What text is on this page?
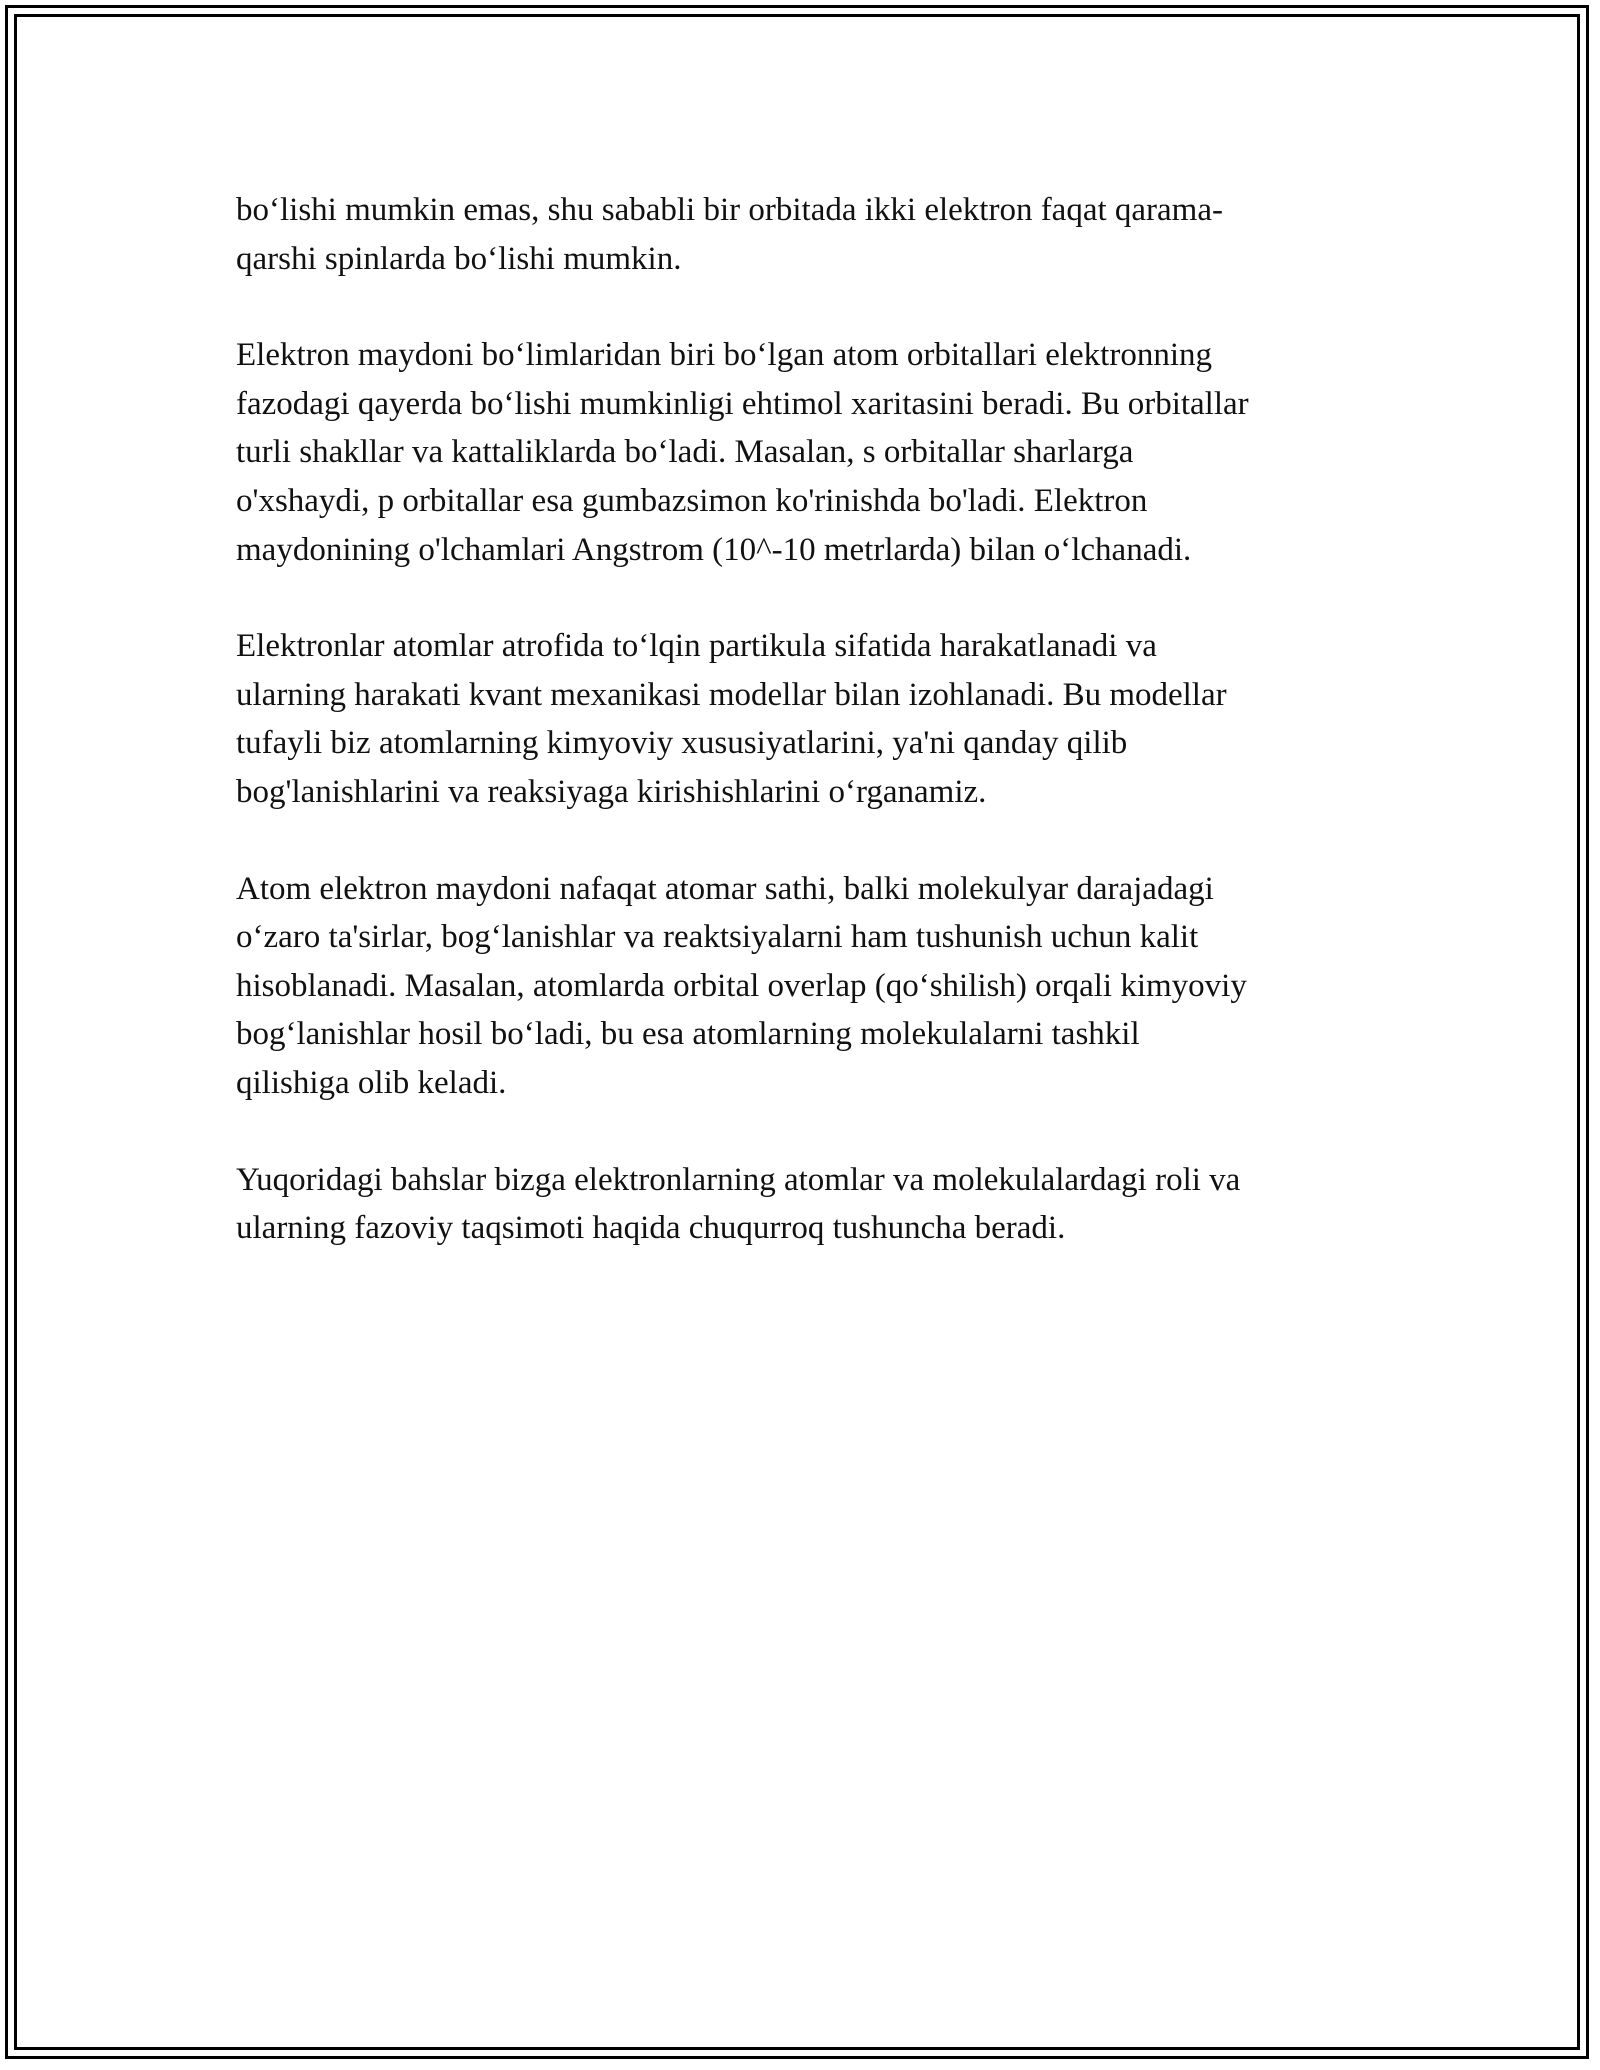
bo‘lishi mumkin emas, shu sababli bir orbitada ikki elektron faqat qarama-
qarshi spinlarda bo‘lishi mumkin.

Elektron maydoni bo‘limlaridan biri bo‘lgan atom orbitallari elektronning
fazodagi qayerda bo‘lishi mumkinligi ehtimol xaritasini beradi. Bu orbitallar
turli shakllar va kattaliklarda bo‘ladi. Masalan, s orbitallar sharlarga
o'xshaydi, p orbitallar esa gumbazsimon ko'rinishda bo'ladi. Elektron
maydonining o'lchamlari Angstrom (10^-10 metrlarda) bilan o‘lchanadi.

Elektronlar atomlar atrofida to‘lqin partikula sifatida harakatlanadi va
ularning harakati kvant mexanikasi modellar bilan izohlanadi. Bu modellar
tufayli biz atomlarning kimyoviy xususiyatlarini, ya'ni qanday qilib
bog'lanishlarini va reaksiyaga kirishishlarini o‘rganamiz.

Atom elektron maydoni nafaqat atomar sathi, balki molekulyar darajadagi
o‘zaro ta'sirlar, bog‘lanishlar va reaktsiyalarni ham tushunish uchun kalit
hisoblanadi. Masalan, atomlarda orbital overlap (qo‘shilish) orqali kimyoviy
bog‘lanishlar hosil bo‘ladi, bu esa atomlarning molekulalarni tashkil
qilishiga olib keladi.

Yuqoridagi bahslar bizga elektronlarning atomlar va molekulalardagi roli va
ularning fazoviy taqsimoti haqida chuqurroq tushuncha beradi.
